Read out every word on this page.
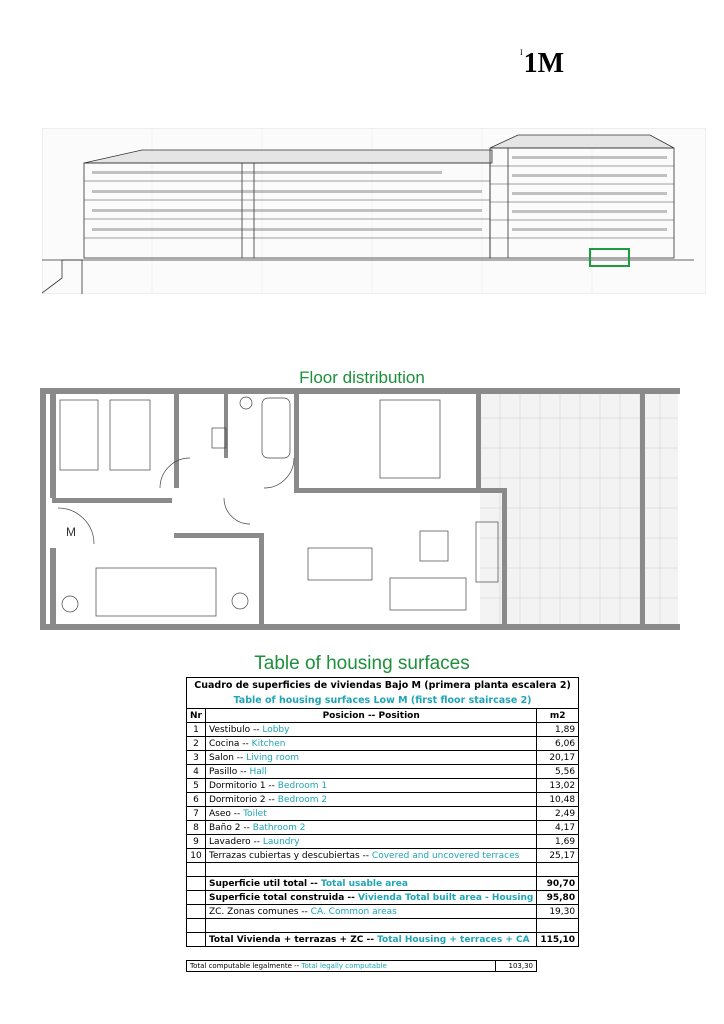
$^I$1M
Floor distribution
M
Table of housing surfaces
Cuadro de superficies de viviendas Bajo M (primera planta escalera 2)		
Table of housing surfaces Low M (first floor staircase 2)		
Nr	Posicion -- Position	m2
1	Vestibulo -- Lobby	1,89
2	Cocina -- Kitchen	6,06
3	Salon -- Living room	20,17
4	Pasillo -- Hall	5,56
5	Dormitorio 1 -- Bedroom 1	13,02
6	Dormitorio 2 -- Bedroom 2	10,48
7	Aseo -- Toilet	2,49
8	Baño 2 -- Bathroom 2	4,17
9	Lavadero -- Laundry	1,69
10	Terrazas cubiertas y descubiertas -- Covered and uncovered terraces	25,17

	Superficie util total -- Total usable area	90,70
	Superficie total construida -- Vivienda Total built area - Housing	95,80
	ZC. Zonas comunes -- CA. Common areas	19,30

	Total Vivienda + terrazas + ZC -- Total Housing + terraces + CA	115,10
Total computable legalmente -- Total legally computable	103,30
